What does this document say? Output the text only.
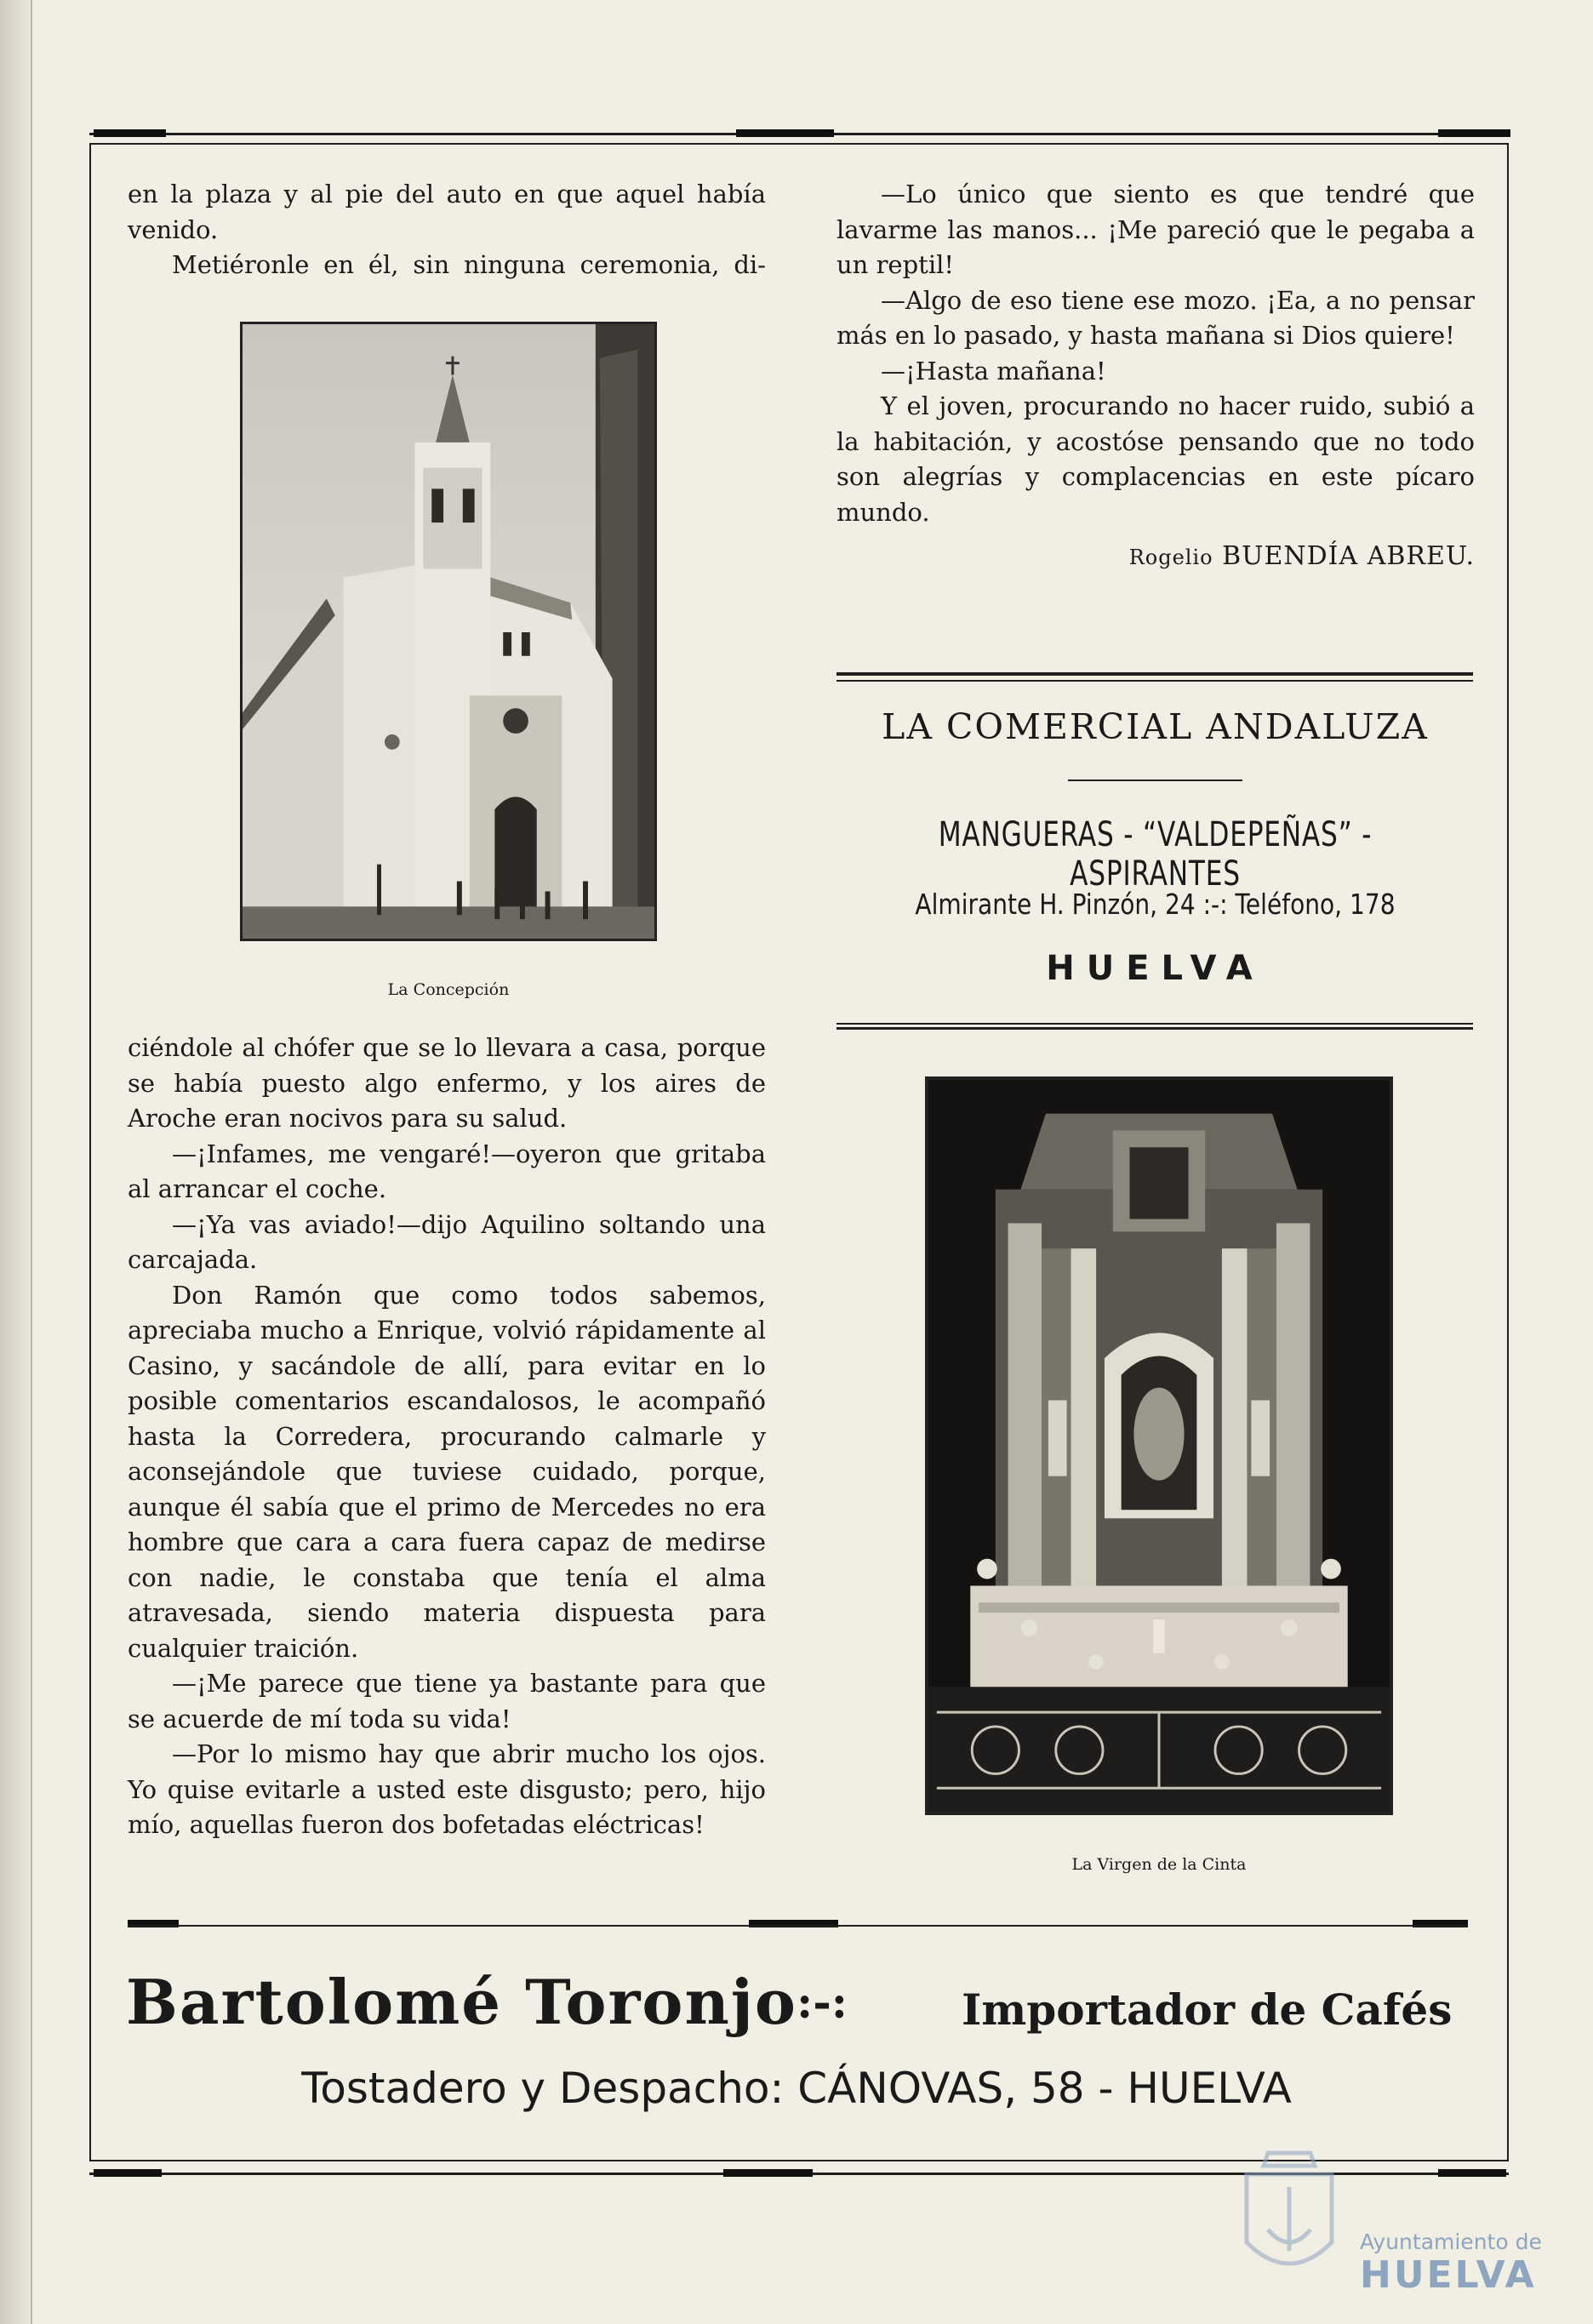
en la plaza y al pie del auto en que aquel había venido.

Metiéronle en él, sin ninguna ceremonia, di-

La Concepción

ciéndole al chófer que se lo llevara a casa, porque se había puesto algo enfermo, y los aires de Aroche eran nocivos para su salud.

—¡Infames, me vengaré!—oyeron que gritaba al arrancar el coche.

—¡Ya vas aviado!—dijo Aquilino soltando una carcajada.

Don Ramón que como todos sabemos, apreciaba mucho a Enrique, volvió rápidamente al Casino, y sacándole de allí, para evitar en lo posible comentarios escandalosos, le acompañó hasta la Corredera, procurando calmarle y aconsejándole que tuviese cuidado, porque, aunque él sabía que el primo de Mercedes no era hombre que cara a cara fuera capaz de medirse con nadie, le constaba que tenía el alma atravesada, siendo materia dispuesta para cualquier traición.

—¡Me parece que tiene ya bastante para que se acuerde de mí toda su vida!

—Por lo mismo hay que abrir mucho los ojos. Yo quise evitarle a usted este disgusto; pero, hijo mío, aquellas fueron dos bofetadas eléctricas!

—Lo único que siento es que tendré que lavarme las manos... ¡Me pareció que le pegaba a un reptil!

—Algo de eso tiene ese mozo. ¡Ea, a no pensar más en lo pasado, y hasta mañana si Dios quiere!

—¡Hasta mañana!

Y el joven, procurando no hacer ruido, subió a la habitación, y acostóse pensando que no todo son alegrías y complacencias en este pícaro mundo.

Rogelio BUENDÍA ABREU.

LA COMERCIAL ANDALUZA
MANGUERAS - “VALDEPEÑAS” - ASPIRANTES
Almirante H. Pinzón, 24 :-: Teléfono, 178
HUELVA
La Virgen de la Cinta
Bartolomé Toronjo :-:	Importador de Cafés
Tostadero y Despacho: CÁNOVAS, 58 - HUELVA
Ayuntamiento de
HUELVA
